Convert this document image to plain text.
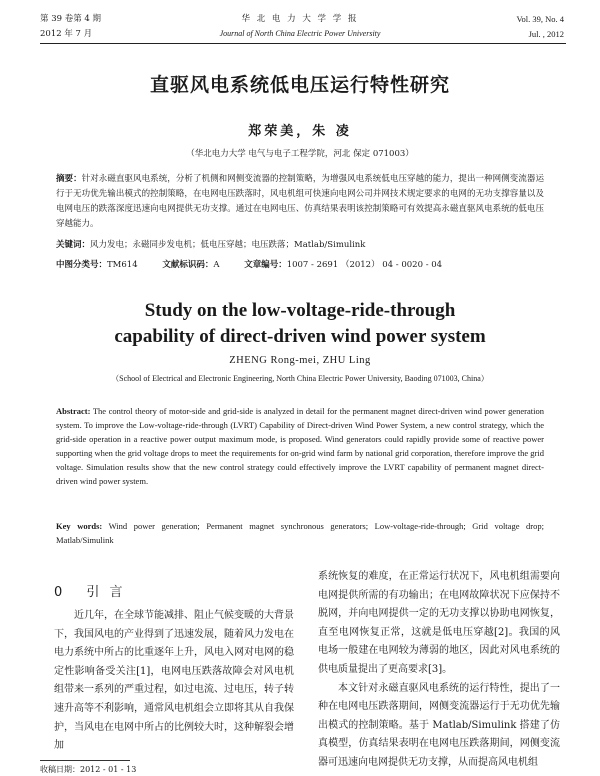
第 39 卷第 4 期
2012 年 7 月
华 北 电 力 大 学 学 报
Journal of North China Electric Power University
Vol. 39, No. 4
Jul. , 2012
直驱风电系统低电压运行特性研究
郑荣美，朱 凌
（华北电力大学 电气与电子工程学院，河北 保定 071003）
摘要：针对永磁直驱风电系统，分析了机侧和网侧变流器的控制策略，为增强风电系统低电压穿越的能力，提出一种网侧变流器运行于无功优先输出模式的控制策略，在电网电压跌落时，风电机组可快速向电网公司并网技术规定要求的电网的无功支撑容量以及电网电压的跌落深度迅速向电网提供无功支撑。通过在电网电压、仿真结果表明该控制策略可有效提高永磁直驱风电系统的低电压穿越能力。
关键词：风力发电；永磁同步发电机；低电压穿越；电压跌落；Matlab/Simulink
中图分类号：TM614	文献标识码：A	文章编号：1007 - 2691 （2012） 04 - 0020 - 04
Study on the low-voltage-ride-through
capability of direct-driven wind power system
ZHENG Rong-mei, ZHU Ling
（School of Electrical and Electronic Engineering, North China Electric Power University, Baoding 071003, China）
Abstract: The control theory of motor-side and grid-side is analyzed in detail for the permanent magnet direct-driven wind power generation system. To improve the Low-voltage-ride-through (LVRT) Capability of Direct-driven Wind Power System, a new control strategy, which the grid-side operation in a reactive power output maximum mode, is proposed. Wind generators could rapidly provide some of reactive power supporting when the grid voltage drops to meet the requirements for on-grid wind farm by national grid corporation, therefore improve the grid voltage. Simulation results show that the new control strategy could effectively improve the LVRT capability of permanent magnet direct-driven wind power system.
Key words: Wind power generation; Permanent magnet synchronous generators; Low-voltage-ride-through; Grid voltage drop; Matlab/Simulink
0 引 言

近几年，在全球节能减排、阻止气候变暖的大背景下，我国风电的产业得到了迅速发展，随着风力发电在电力系统中所占的比重逐年上升，风电入网对电网的稳定性影响备受关注[1]，电网电压跌落故障会对风电机组带来一系列的严重过程，如过电流、过电压，转子转速升高等不利影响，通常风电机组会立即将其从自我保护，当风电在电网中所占的比例较大时，这种解裂会增加

系统恢复的难度，在正常运行状况下，风电机组需要向电网提供所需的有功输出；在电网故障状况下应保持不脱网，并向电网提供一定的无功支撑以协助电网恢复，直至电网恢复正常，这就是低电压穿越[2]。我国的风电场一般建在电网较为薄弱的地区，因此对风电系统的供电质量提出了更高要求[3]。

本文针对永磁直驱风电系统的运行特性，提出了一种在电网电压跌落期间，网侧变流器运行于无功优先输出模式的控制策略。基于 Matlab/Simulink 搭建了仿真模型，仿真结果表明在电网电压跌落期间，网侧变流器可迅速向电网提供无功支撑，从而提高风电机组

收稿日期：2012 - 01 - 13
